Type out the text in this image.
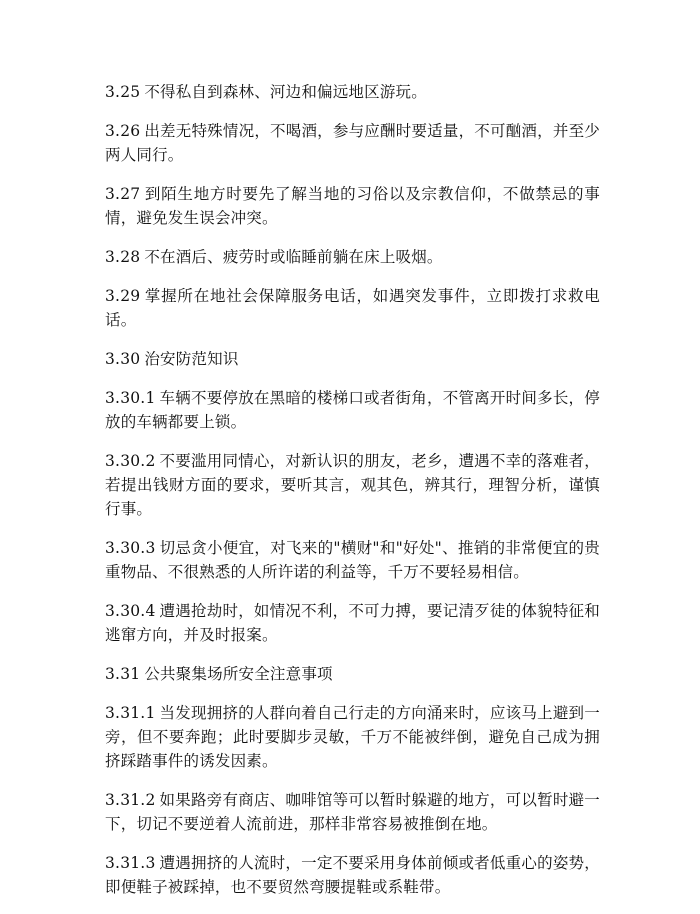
3.25 不得私自到森林、河边和偏远地区游玩。

3.26 出差无特殊情况，不喝酒，参与应酬时要适量，不可酗酒，并至少两人同行。

3.27 到陌生地方时要先了解当地的习俗以及宗教信仰，不做禁忌的事情，避免发生误会冲突。

3.28 不在酒后、疲劳时或临睡前躺在床上吸烟。

3.29 掌握所在地社会保障服务电话，如遇突发事件，立即拨打求救电话。

3.30 治安防范知识

3.30.1 车辆不要停放在黑暗的楼梯口或者街角，不管离开时间多长，停放的车辆都要上锁。

3.30.2 不要滥用同情心，对新认识的朋友，老乡，遭遇不幸的落难者，若提出钱财方面的要求，要听其言，观其色，辨其行，理智分析，谨慎行事。

3.30.3 切忌贪小便宜，对飞来的"横财"和"好处"、推销的非常便宜的贵重物品、不很熟悉的人所许诺的利益等，千万不要轻易相信。

3.30.4 遭遇抢劫时，如情况不利，不可力搏，要记清歹徒的体貌特征和逃窜方向，并及时报案。

3.31 公共聚集场所安全注意事项

3.31.1 当发现拥挤的人群向着自己行走的方向涌来时，应该马上避到一旁，但不要奔跑；此时要脚步灵敏，千万不能被绊倒，避免自己成为拥挤踩踏事件的诱发因素。

3.31.2 如果路旁有商店、咖啡馆等可以暂时躲避的地方，可以暂时避一下，切记不要逆着人流前进，那样非常容易被推倒在地。

3.31.3 遭遇拥挤的人流时，一定不要采用身体前倾或者低重心的姿势，即便鞋子被踩掉，也不要贸然弯腰提鞋或系鞋带。
